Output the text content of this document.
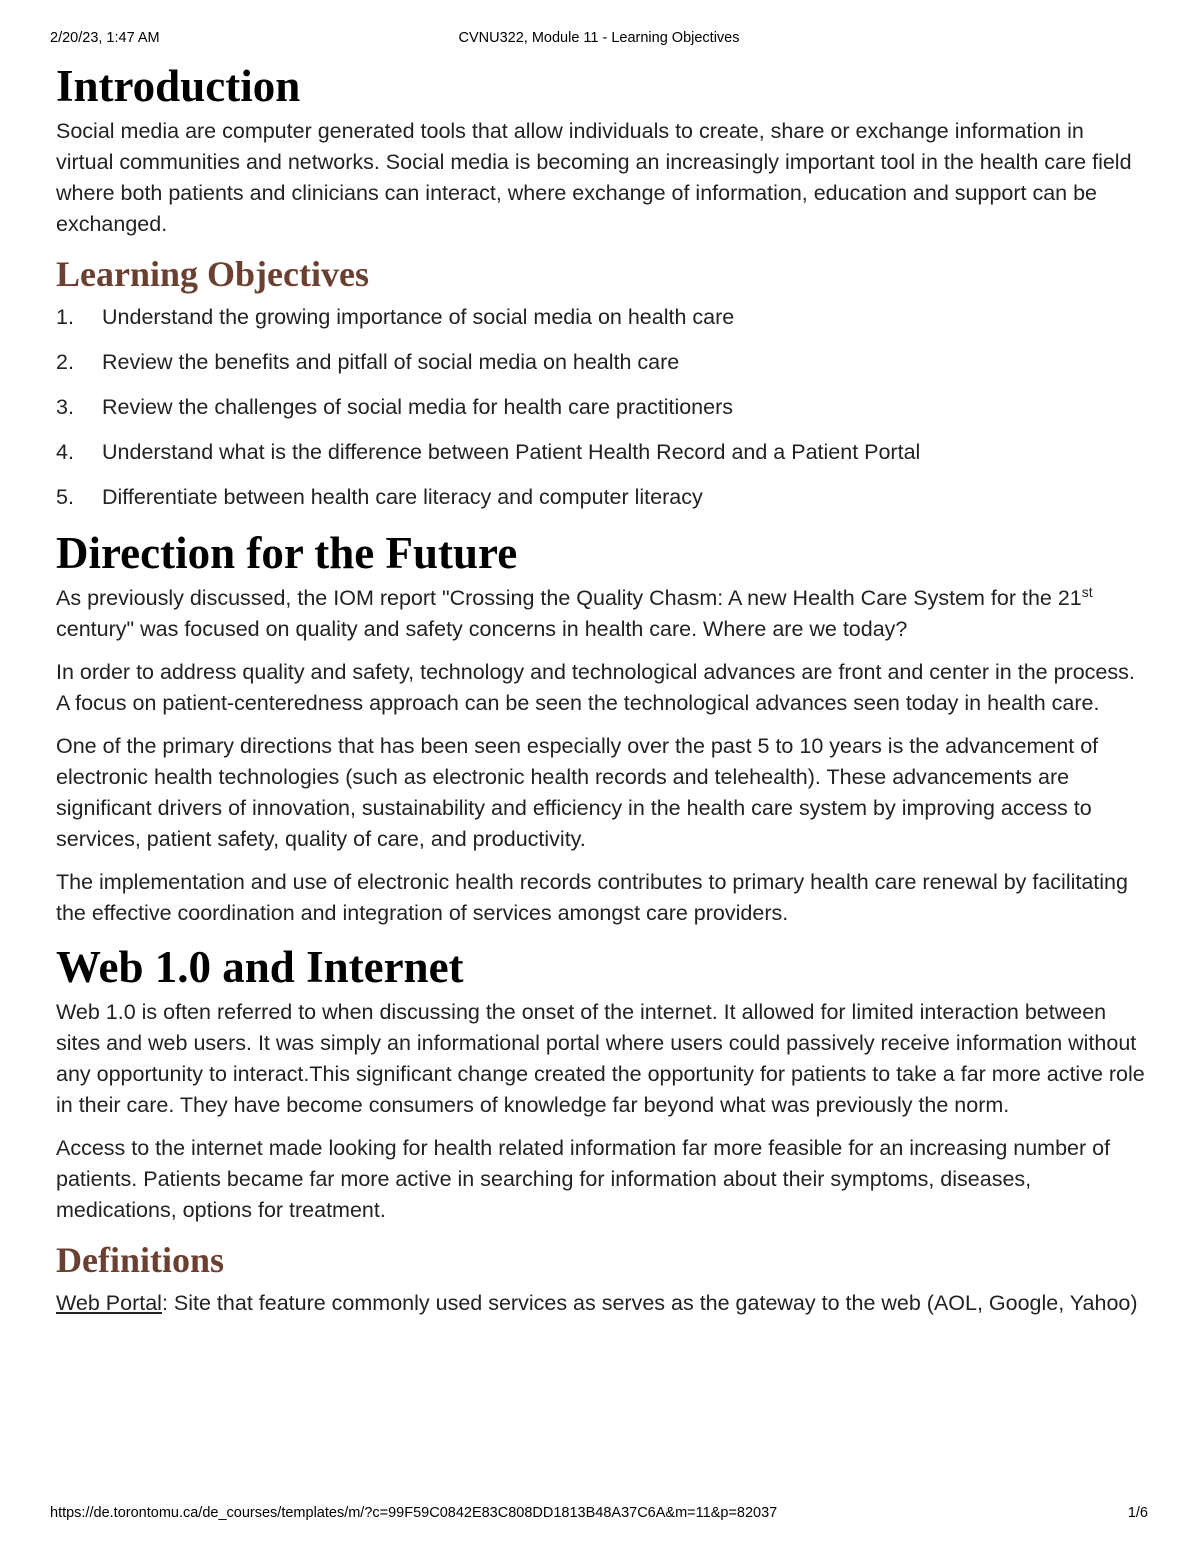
2/20/23, 1:47 AM	CVNU322, Module 11 - Learning Objectives
Introduction

Social media are computer generated tools that allow individuals to create, share or exchange information in virtual communities and networks. Social media is becoming an increasingly important tool in the health care field where both patients and clinicians can interact, where exchange of information, education and support can be exchanged.

Learning Objectives
1. Understand the growing importance of social media on health care
2. Review the benefits and pitfall of social media on health care
3. Review the challenges of social media for health care practitioners
4. Understand what is the difference between Patient Health Record and a Patient Portal
5. Differentiate between health care literacy and computer literacy
Direction for the Future

As previously discussed, the IOM report "Crossing the Quality Chasm: A new Health Care System for the 21st century" was focused on quality and safety concerns in health care. Where are we today?

In order to address quality and safety, technology and technological advances are front and center in the process. A focus on patient-centeredness approach can be seen the technological advances seen today in health care.

One of the primary directions that has been seen especially over the past 5 to 10 years is the advancement of electronic health technologies (such as electronic health records and telehealth). These advancements are significant drivers of innovation, sustainability and efficiency in the health care system by improving access to services, patient safety, quality of care, and productivity.

The implementation and use of electronic health records contributes to primary health care renewal by facilitating the effective coordination and integration of services amongst care providers.

Web 1.0 and Internet

Web 1.0 is often referred to when discussing the onset of the internet. It allowed for limited interaction between sites and web users. It was simply an informational portal where users could passively receive information without any opportunity to interact.This significant change created the opportunity for patients to take a far more active role in their care. They have become consumers of knowledge far beyond what was previously the norm.

Access to the internet made looking for health related information far more feasible for an increasing number of patients. Patients became far more active in searching for information about their symptoms, diseases, medications, options for treatment.

Definitions

Web Portal: Site that feature commonly used services as serves as the gateway to the web (AOL, Google, Yahoo)

https://de.torontomu.ca/de_courses/templates/m/?c=99F59C0842E83C808DD1813B48A37C6A&m=11&p=82037	1/6
